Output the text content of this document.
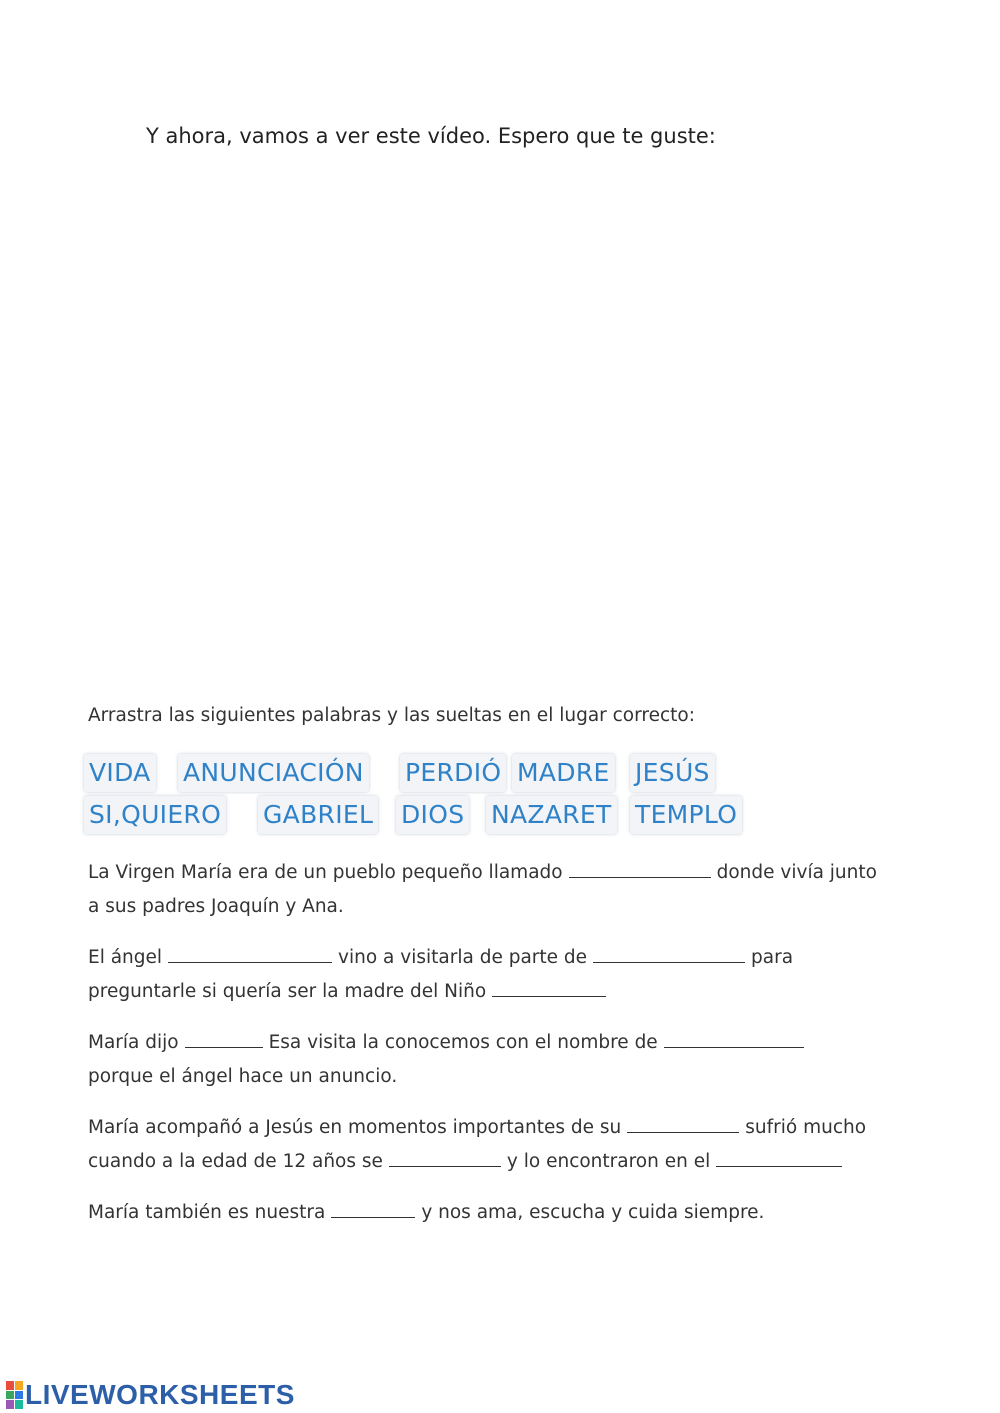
Y ahora, vamos a ver este vídeo. Espero que te guste:
Arrastra las siguientes palabras y las sueltas en el lugar correcto:
VIDA ANUNCIACIÓN PERDIÓ MADRE JESÚS
SI,QUIERO GABRIEL DIOS NAZARET TEMPLO
La Virgen María era de un pueblo pequeño llamado	donde vivía junto
a sus padres Joaquín y Ana.
El ángel	vino a visitarla de parte de	para
preguntarle si quería ser la madre del Niño
María dijo	Esa visita la conocemos con el nombre de
porque el ángel hace un anuncio.
María acompañó a Jesús en momentos importantes de su	sufrió mucho
cuando a la edad de 12 años se	y lo encontraron en el
María también es nuestra	y nos ama, escucha y cuida siempre.
LIVEWORKSHEETS
